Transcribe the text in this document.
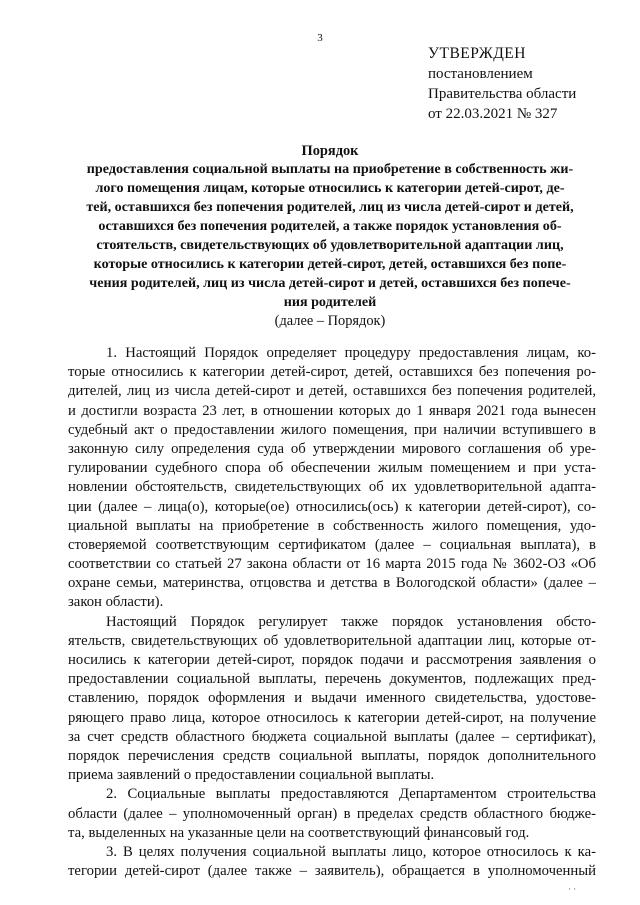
3
УТВЕРЖДЕН
постановлением
Правительства области
от 22.03.2021 № 327

Порядок

предоставления социальной выплаты на приобретение в собственность жи-

лого помещения лицам, которые относились к категории детей-сирот, де-

тей, оставшихся без попечения родителей, лиц из числа детей-сирот и детей,

оставшихся без попечения родителей, а также порядок установления об-

стоятельств, свидетельствующих об удовлетворительной адаптации лиц,

которые относились к категории детей-сирот, детей, оставшихся без попе-

чения родителей, лиц из числа детей-сирот и детей, оставшихся без попече-

ния родителей

(далее – Порядок)

1. Настоящий Порядок определяет процедуру предоставления лицам, ко-
торые относились к категории детей-сирот, детей, оставшихся без попечения ро-
дителей, лиц из числа детей-сирот и детей, оставшихся без попечения родителей,
и достигли возраста 23 лет, в отношении которых до 1 января 2021 года вынесен
судебный акт о предоставлении жилого помещения, при наличии вступившего в
законную силу определения суда об утверждении мирового соглашения об уре-
гулировании судебного спора об обеспечении жилым помещением и при уста-
новлении обстоятельств, свидетельствующих об их удовлетворительной адапта-
ции (далее – лица(о), которые(ое) относились(ось) к категории детей-сирот), со-
циальной выплаты на приобретение в собственность жилого помещения, удо-
стоверяемой соответствующим сертификатом (далее – социальная выплата), в
соответствии со статьей 27 закона области от 16 марта 2015 года № 3602-ОЗ «Об
охране семьи, материнства, отцовства и детства в Вологодской области» (далее –
закон области).
Настоящий Порядок регулирует также порядок установления обсто-
ятельств, свидетельствующих об удовлетворительной адаптации лиц, которые от-
носились к категории детей-сирот, порядок подачи и рассмотрения заявления о
предоставлении социальной выплаты, перечень документов, подлежащих пред-
ставлению, порядок оформления и выдачи именного свидетельства, удостове-
ряющего право лица, которое относилось к категории детей-сирот, на получение
за счет средств областного бюджета социальной выплаты (далее – сертификат),
порядок перечисления средств социальной выплаты, порядок дополнительного
приема заявлений о предоставлении социальной выплаты.
2. Социальные выплаты предоставляются Департаментом строительства
области (далее – уполномоченный орган) в пределах средств областного бюдже-
та, выделенных на указанные цели на соответствующий финансовый год.
3. В целях получения социальной выплаты лицо, которое относилось к ка-
тегории детей-сирот (далее также – заявитель), обращается в уполномоченный
· ·
